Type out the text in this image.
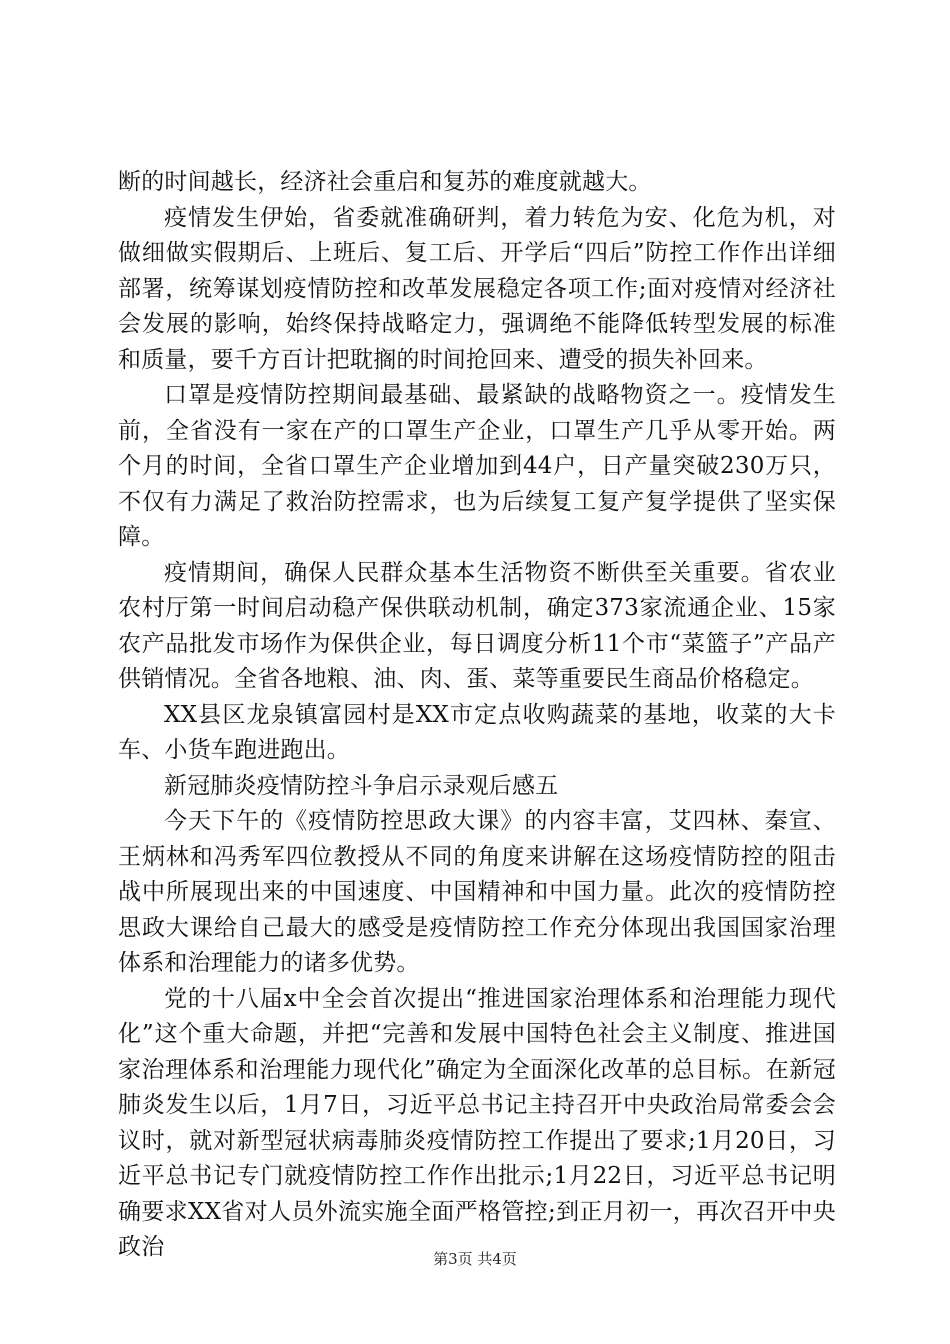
断的时间越长，经济社会重启和复苏的难度就越大。

疫情发生伊始，省委就准确研判，着力转危为安、化危为机，对做细做实假期后、上班后、复工后、开学后“四后”防控工作作出详细部署，统筹谋划疫情防控和改革发展稳定各项工作;面对疫情对经济社会发展的影响，始终保持战略定力，强调绝不能降低转型发展的标准和质量，要千方百计把耽搁的时间抢回来、遭受的损失补回来。

口罩是疫情防控期间最基础、最紧缺的战略物资之一。疫情发生前，全省没有一家在产的口罩生产企业，口罩生产几乎从零开始。两个月的时间，全省口罩生产企业增加到44户，日产量突破230万只，不仅有力满足了救治防控需求，也为后续复工复产复学提供了坚实保障。

疫情期间，确保人民群众基本生活物资不断供至关重要。省农业农村厅第一时间启动稳产保供联动机制，确定373家流通企业、15家农产品批发市场作为保供企业，每日调度分析11个市“菜篮子”产品产供销情况。全省各地粮、油、肉、蛋、菜等重要民生商品价格稳定。

XX县区龙泉镇富园村是XX市定点收购蔬菜的基地，收菜的大卡车、小货车跑进跑出。

新冠肺炎疫情防控斗争启示录观后感五

今天下午的《疫情防控思政大课》的内容丰富，艾四林、秦宣、王炳林和冯秀军四位教授从不同的角度来讲解在这场疫情防控的阻击战中所展现出来的中国速度、中国精神和中国力量。此次的疫情防控思政大课给自己最大的感受是疫情防控工作充分体现出我国国家治理体系和治理能力的诸多优势。

党的十八届x中全会首次提出“推进国家治理体系和治理能力现代化”这个重大命题，并把“完善和发展中国特色社会主义制度、推进国家治理体系和治理能力现代化”确定为全面深化改革的总目标。在新冠肺炎发生以后，1月7日，习近平总书记主持召开中央政治局常委会会议时，就对新型冠状病毒肺炎疫情防控工作提出了要求;1月20日，习近平总书记专门就疫情防控工作作出批示;1月22日，习近平总书记明确要求XX省对人员外流实施全面严格管控;到正月初一，再次召开中央政治	第3页 共4页
